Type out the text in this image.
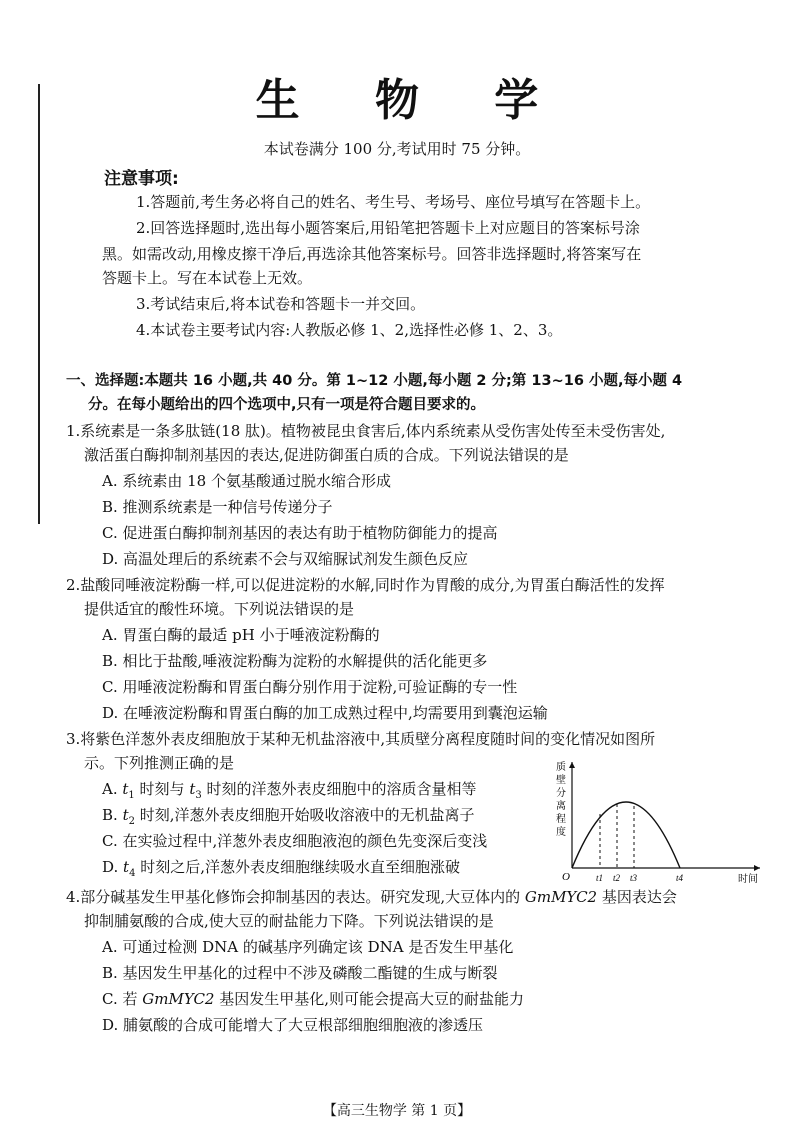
生 物 学
本试卷满分 100 分,考试用时 75 分钟。
注意事项:
1.答题前,考生务必将自己的姓名、考生号、考场号、座位号填写在答题卡上。
2.回答选择题时,选出每小题答案后,用铅笔把答题卡上对应题目的答案标号涂
黑。如需改动,用橡皮擦干净后,再选涂其他答案标号。回答非选择题时,将答案写在
答题卡上。写在本试卷上无效。
3.考试结束后,将本试卷和答题卡一并交回。
4.本试卷主要考试内容:人教版必修 1、2,选择性必修 1、2、3。
一、选择题:本题共 16 小题,共 40 分。第 1~12 小题,每小题 2 分;第 13~16 小题,每小题 4
分。在每小题给出的四个选项中,只有一项是符合题目要求的。
1.系统素是一条多肽链(18 肽)。植物被昆虫食害后,体内系统素从受伤害处传至未受伤害处,
激活蛋白酶抑制剂基因的表达,促进防御蛋白质的合成。下列说法错误的是
A. 系统素由 18 个氨基酸通过脱水缩合形成
B. 推测系统素是一种信号传递分子
C. 促进蛋白酶抑制剂基因的表达有助于植物防御能力的提高
D. 高温处理后的系统素不会与双缩脲试剂发生颜色反应
2.盐酸同唾液淀粉酶一样,可以促进淀粉的水解,同时作为胃酸的成分,为胃蛋白酶活性的发挥
提供适宜的酸性环境。下列说法错误的是
A. 胃蛋白酶的最适 pH 小于唾液淀粉酶的
B. 相比于盐酸,唾液淀粉酶为淀粉的水解提供的活化能更多
C. 用唾液淀粉酶和胃蛋白酶分别作用于淀粉,可验证酶的专一性
D. 在唾液淀粉酶和胃蛋白酶的加工成熟过程中,均需要用到囊泡运输
3.将紫色洋葱外表皮细胞放于某种无机盐溶液中,其质壁分离程度随时间的变化情况如图所
示。下列推测正确的是
A. $t_1$ 时刻与 $t_3$ 时刻的洋葱外表皮细胞中的溶质含量相等
B. $t_2$ 时刻,洋葱外表皮细胞开始吸收溶液中的无机盐离子
C. 在实验过程中,洋葱外表皮细胞液泡的颜色先变深后变浅
D. $t_4$ 时刻之后,洋葱外表皮细胞继续吸水直至细胞涨破
O	t1 t2 t3	t4	时间
质
壁
分
离
程
度
4.部分碱基发生甲基化修饰会抑制基因的表达。研究发现,大豆体内的 GmMYC2 基因表达会
抑制脯氨酸的合成,使大豆的耐盐能力下降。下列说法错误的是
A. 可通过检测 DNA 的碱基序列确定该 DNA 是否发生甲基化
B. 基因发生甲基化的过程中不涉及磷酸二酯键的生成与断裂
C. 若 GmMYC2 基因发生甲基化,则可能会提高大豆的耐盐能力
D. 脯氨酸的合成可能增大了大豆根部细胞细胞液的渗透压
【高三生物学 第 1 页】
